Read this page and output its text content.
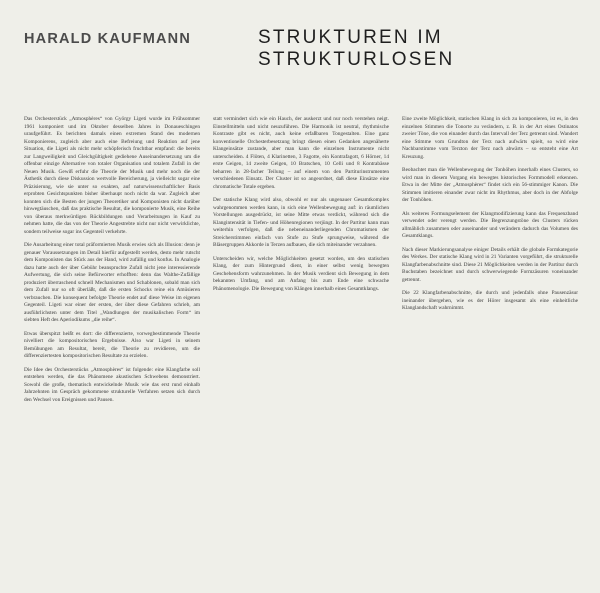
HARALD KAUFMANN	STRUKTUREN IM STRUKTURLOSEN

Das Orchesterstück „Atmosphères“ von György Ligeti wurde im Frühsommer 1961 komponiert und im Oktober desselben Jahres in Donaueschingen uraufgeführt. Es berichten damals einen extremen Stand des modernen Komponierens, zugleich aber auch eine Befreiung und Reaktion auf jene Situation, die Ligeti als nicht mehr schöpferisch fruchtbar empfand: die bereits zur Langweiligkeit und Gleichgültigkeit gediehene Auseinandersetzung um die offenbar einzige Alternative von totaler Organisation und totalem Zufall in der Neuen Musik. Gewiß erfuhr die Theorie der Musik und mehr noch die der Ästhetik durch diese Diskussion wertvolle Bereicherung, ja vielleicht sogar eine Präzisierung, wie sie unter so exakten, auf naturwissenschaftlicher Basis erprobten Gesichtspunkten bisher überhaupt noch nicht da war. Zugleich aber konnten sich die Besten der jungen Theoretiker und Komponisten nicht darüber hinwegtäuschen, daß das praktische Resultat, die komponierte Musik, eine Reihe von überaus merkwürdigen Rückbildungen und Verarbeitungen in Kauf zu nehmen hatte, die das von der Theorie Angestrebte nicht nur nicht verwirklichte, sondern teilweise sogar ins Gegenteil verkehrte.

Die Ausarbeitung einer total präformierten Musik erwies sich als Illusion: denn je genauer Voraussetzungen im Detail hierfür aufgestellt werden, desto mehr rutscht dem Komponisten das Stück aus der Hand, wird zufällig und konfus. In Analogie dazu hatte auch der über Gebühr beanspruchte Zufall nicht jene interessierende Aufwertung, die sich seine Befürworter erhofften: denn das Walthe-Zufällige produziert überraschend schnell Mechanismen und Schablonen, sobald man sich dem Zufall nur so oft überläßt, daß die ersten Schocks reine ein Amüsieren verbrauchen. Die konsequent befolgte Theorie endet auf diese Weise im eigenen Gegenteil. Ligeti war einer der ersten, der über diese Gefahren schrieb, am ausführlichsten unter dem Titel „Wandlungen der musikalischen Form“ im siebten Heft des Aperiodikums „die reihe“.

Etwas überspitzt heißt es dort: die differenzierte, vorwegbestimmende Theorie nivelliert die kompositorischen Ergebnisse. Also war Ligeti in seinem Bemühungen am Resultat, bereit, die Theorie zu revidieren, um die differenziertesten kompositorischen Resultate zu erzielen.

Die Idee des Orchesterstücks „Atmosphères“ ist folgende: eine Klangfarbe soll entstehen werden, die das Phänomene akustischen Schwebens demonstriert. Sowohl die große, thematisch entwickelnde Musik wie das erst rund einhalb Jahrzehnten im Gespräch gekommene strukturelle Verfahren setzen sich durch den Wechsel von Ereignissen und Pausen.

statt vermindert sich wie ein Hauch, der auskerzt und nur noch verstehen neigt. Einstellmitteln und nicht neuzuführen. Die Harmonik ist neutral, rhythmische Kontraste gibt es nicht, auch keine erfaßbaren Tongestalten. Eine ganz konventionelle Orchesterbesetzung bringt diesen einen Gedanken angenäherte Klangeinsätze zustande, aber man kann die einzelnen Instrumente nicht unterscheiden. 4 Flöten, 4 Klarinetten, 3 Fagotte, ein Kontrafagott, 6 Hörner, 14 erste Geigen, 14 zweite Geigen, 10 Bratschen, 10 Celli und 8 Kontrabässe beharren in 28-facher Teilung – auf einem von den Partiturinstrumenten verschiedenen Einsatz. Der Cluster ist so angeordnet, daß diese Einsätze eine chromatische Totale ergeben.

Der statische Klang wird also, obwohl er nur als ungenauer Gesamtkomplex wahrgenommen werden kann, in sich eine Wellenbewegung auf: in räumlichen Vorstellungen ausgedrückt, ist seine Mitte etwas verdickt, während sich die Klangintensität in Tiefen- und Höhenregionen verjüngt. In der Partitur kann man weiterhin verfolgen, daß die nebeneinanderliegenden Chromatismen der Streicherstimmen einfach von Stufe zu Stufe sprungweise, während die Bläsergruppen Akkorde in Terzen aufbauen, die sich miteinander verzahnen.

Unterscheiden wir, welche Möglichkeiten gesetzt worden, um den statischen Klang, der zum Hintergrund dient, in einer selbst wenig bewegten Geschehensform wahrzunehmen. In der Musik verdient sich Bewegung in dem bekannten Umfang, und am Anfang bis zum Ende eine schwache Phänomenologie. Die Bewegung von Klängen innerhalb eines Gesamtklangs.

Eine zweite Möglichkeit, statischen Klang in sich zu komponieren, ist es, in den einzelnen Stimmen die Tonorte zu verändern, z. B. in der Art eines Ostinatos zweier Töne, die von einander durch das Intervall der Terz getrennt sind. Wandert eine Stimme vom Grundton der Terz nach aufwärts spielt, so wird eine Nachbarstimme vom Terzton der Terz nach abwärts – so entsteht eine Art Kreuzung.

Beobachtet man die Wellenbewegung der Tonhöhen innerhalb eines Clusters, so wird man in diesem Vorgang ein bewegtes historisches Formmodell erkennen. Etwa in der Mitte der „Atmosphères“ findet sich ein 56-stimmiger Kanon. Die Stimmen imitieren einander zwar nicht im Rhythmus, aber doch in der Abfolge der Tonhöhen.

Als weiteres Formungselement der Klangmodifizierung kann das Frequenzband verwendet oder verengt werden. Die Begrenzungstöne des Clusters rücken allmählich zusammen oder auseinander und verändern dadurch das Volumen des Gesamtklangs.

Nach dieser Markierungsanalyse einiger Details erhält die globale Formkategorie des Werkes. Der statische Klang wird in 21 Varianten vorgeführt, die strukturelle Klangfarbenabschnitte sind. Diese 21 Möglichkeiten werden in der Partitur durch Buchstaben bezeichnet und durch schwerwiegende Formzäsuren voneinander getrennt.

Die 22 Klangfarbenabschnitte, die durch und jedenfalls ohne Pausenzäsur ineinander übergehen, wie es der Hörer insgesamt als eine einheitliche Klanglandschaft wahrnimmt.
